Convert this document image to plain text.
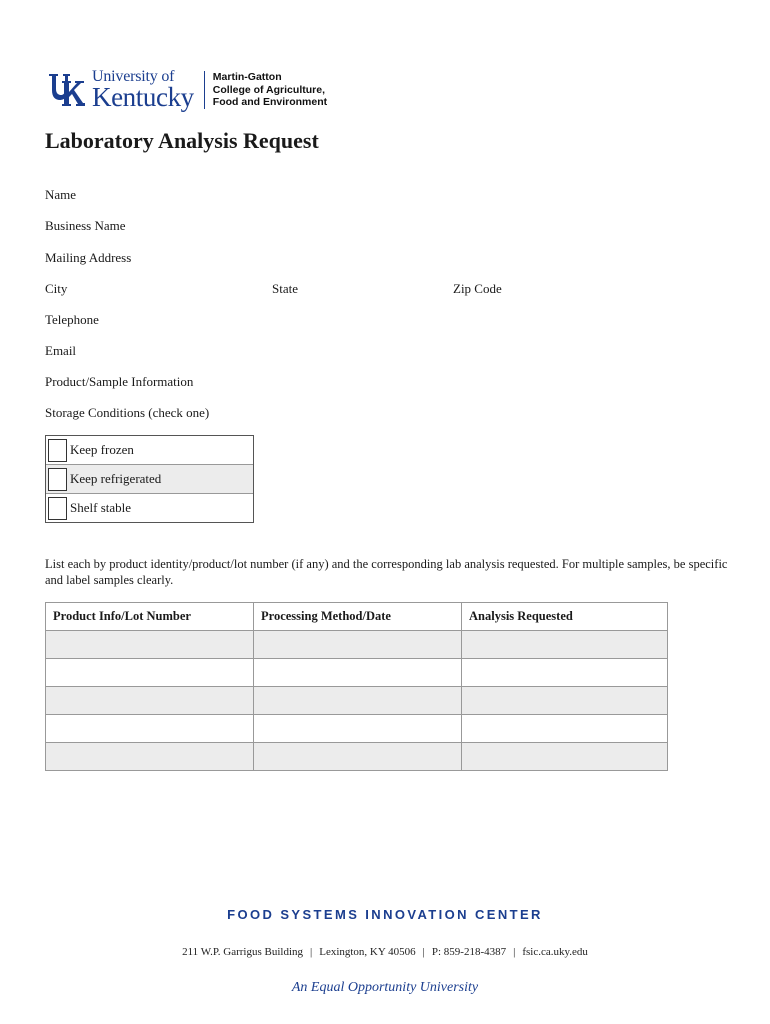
University of
Kentucky
Martin-Gatton
College of Agriculture,
Food and Environment
Laboratory Analysis Request
Name
Business Name
Mailing Address
City	State	Zip Code
Telephone
Email
Product/Sample Information
Storage Conditions (check one)
Keep frozen
Keep refrigerated
Shelf stable
List each by product identity/product/lot number (if any) and the corresponding lab analysis requested. For multiple samples, be specific and label samples clearly.
Product Info/Lot Number	Processing Method/Date	Analysis Requested

FOOD SYSTEMS INNOVATION CENTER
211 W.P. Garrigus Building | Lexington, KY 40506 | P: 859-218-4387 | fsic.ca.uky.edu
An Equal Opportunity University
